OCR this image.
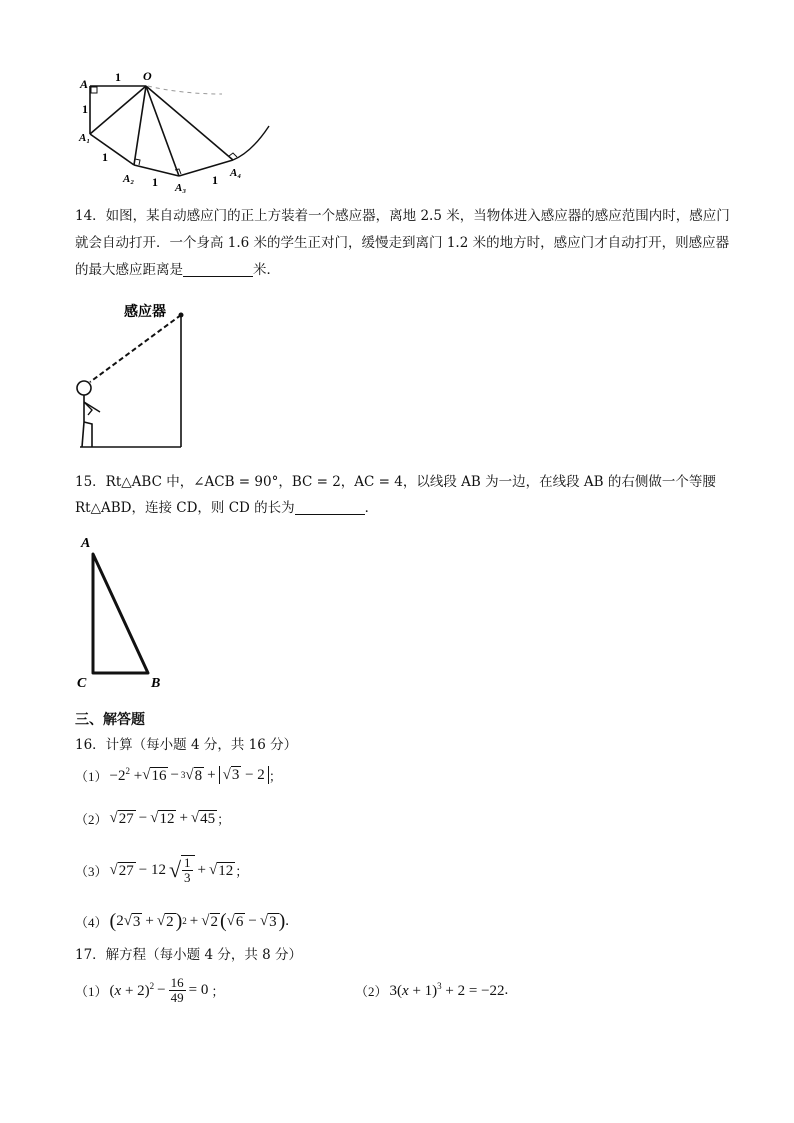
A
O
1
1
A₁
1
A₂ 1 A₃
1 A₄
14．如图，某自动感应门的正上方装着一个感应器，离地 2.5 米，当物体进入感应器的感应范围内时，感应门就会自动打开．一个身高 1.6 米的学生正对门，缓慢走到离门 1.2 米的地方时，感应门才自动打开，则感应器的最大感应距离是	米．
感应器
15．Rt△ABC 中，∠ACB = 90°，BC = 2，AC = 4，以线段 AB 为一边，在线段 AB 的右侧做一个等腰
Rt△ABD，连接 CD，则 CD 的长为	．
A
C	B
三、解答题
16．计算（每小题 4 分，共 16 分）
$(1) -2^2$ + √ 16 − 3 √ 8 + √3 − 2 ；
（2） √ 27 − √ 12 + √ 45 ；
（3） √ 27 − 12 √ $\frac{1}{3}$ + √ 12 ；
（4） ( 2 √ 3 + √ 2 ) 2 + √ 2 ( √ 6 − √ 3 ) .
17．解方程（每小题 4 分，共 8 分）
（1） $(x + 2)^2 - \frac{16}{49} = 0$ ；	（2） $3(x + 1)^3 + 2 = -22$ .
